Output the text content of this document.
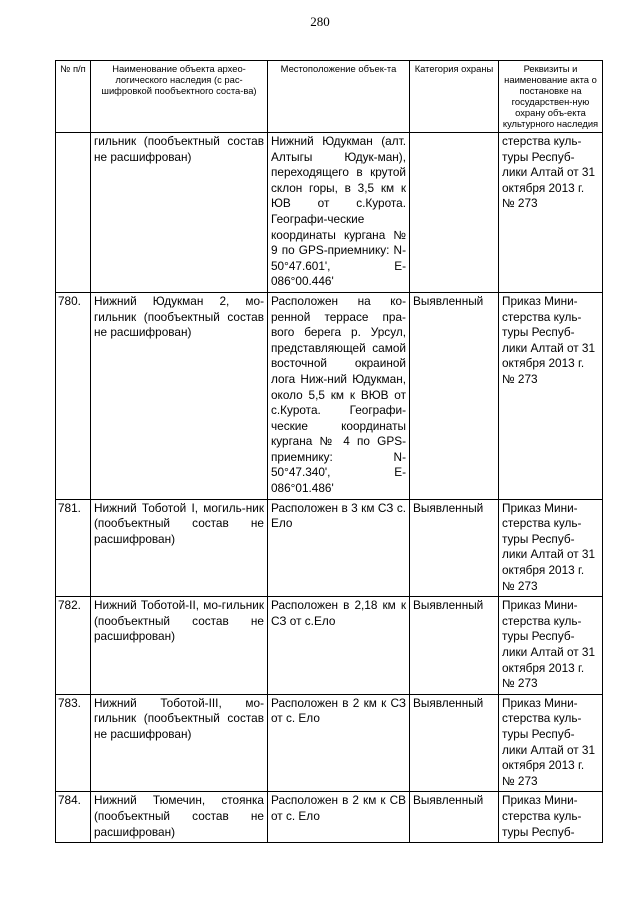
280
№ п/п	Наименование объекта архео-логического наследия (с рас-шифровкой пообъектного соста-ва)	Местоположение объек-та	Категория охраны	Реквизиты и наименование акта о постановке на государствен-ную охрану объ-екта культурного наследия
	гильник (пообъектный состав не расшифрован)	Нижний Юдукман (алт. Алтыгы Юдук-ман), переходящего в крутой склон горы, в 3,5 км к ЮВ от с.Курота. Географи-ческие координаты кургана № 9 по GPS-приемнику: N-50°47.601', E-086°00.446'		стерства куль-туры Респуб-лики Алтай от 31 октября 2013 г. № 273
780.	Нижний Юдукман 2, мо-гильник (пообъектный состав не расшифрован)	Расположен на ко-ренной террасе пра-вого берега р. Урсул, представляющей самой восточной окраиной лога Ниж-ний Юдукман, около 5,5 км к ВЮВ от с.Курота. Географи-ческие координаты кургана № 4 по GPS-приемнику: N-50°47.340', E-086°01.486'	Выявленный	Приказ Мини-стерства куль-туры Респуб-лики Алтай от 31 октября 2013 г. № 273
781.	Нижний Тоботой I, могиль-ник (пообъектный состав не расшифрован)	Расположен в 3 км СЗ с. Ело	Выявленный	Приказ Мини-стерства куль-туры Респуб-лики Алтай от 31 октября 2013 г. № 273
782.	Нижний Тоботой-II, мо-гильник (пообъектный состав не расшифрован)	Расположен в 2,18 км к СЗ от с.Ело	Выявленный	Приказ Мини-стерства куль-туры Респуб-лики Алтай от 31 октября 2013 г. № 273
783.	Нижний Тоботой-III, мо-гильник (пообъектный состав не расшифрован)	Расположен в 2 км к СЗ от с. Ело	Выявленный	Приказ Мини-стерства куль-туры Респуб-лики Алтай от 31 октября 2013 г. № 273
784.	Нижний Тюмечин, стоянка (пообъектный состав не расшифрован)	Расположен в 2 км к СВ от с. Ело	Выявленный	Приказ Мини-стерства куль-туры Респуб-
